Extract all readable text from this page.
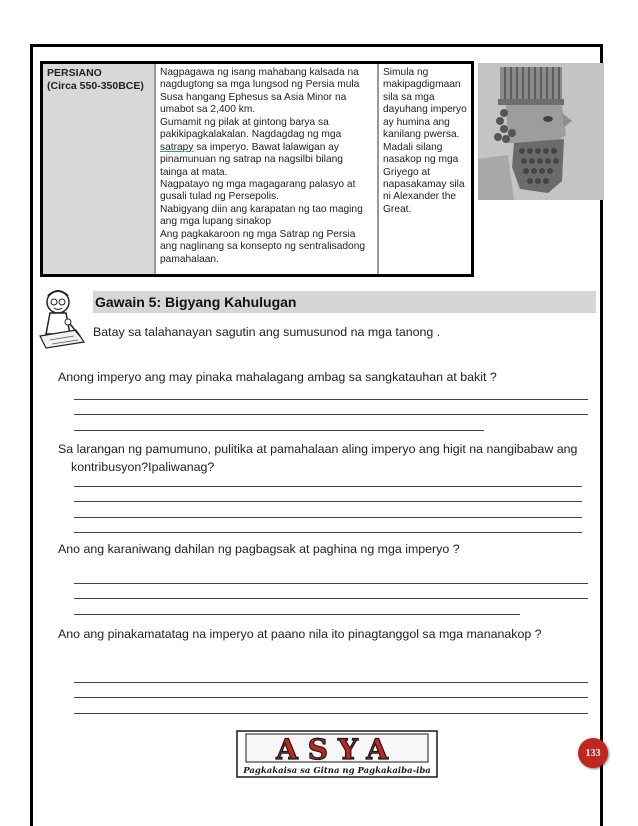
PERSIANO
(Circa 550-350BCE)

Nagpagawa ng isang mahabang kalsada na nagdugtong sa mga lungsod ng Persia mula Susa hangang Ephesus sa Asia Minor na umabot sa 2,400 km.

Gumamit ng pilak at gintong barya sa pakikipagkalakalan. Nagdagdag ng mga satrapy sa imperyo. Bawat lalawigan ay pinamunuan ng satrap na nagsilbi bilang tainga at mata.

Nagpatayo ng mga magagarang palasyo at gusali tulad ng Persepolis.

Nabigyang diin ang karapatan ng tao maging ang mga lupang sinakop

Ang pagkakaroon ng mga Satrap ng Persia ang naglinang sa konsepto ng sentralisadong pamahalaan.

Simula ng makipagdigmaan sila sa mga dayuhang imperyo ay humina ang kanilang pwersa. Madali silang nasakop ng mga Griyego at napasakamay sila ni Alexander the Great.

Gawain 5: Bigyang Kahulugan
Batay sa talahanayan sagutin ang sumusunod na mga tanong .
Anong imperyo ang may pinaka mahalagang ambag sa sangkatauhan at bakit ?
Sa larangan ng pamumuno, pulitika at pamahalaan aling imperyo ang higit na nangibabaw ang
kontribusyon?Ipaliwanag?
Ano ang karaniwang dahilan ng pagbagsak at paghina ng mga imperyo ?
Ano ang pinakamatatag na imperyo at paano nila ito pinagtanggol sa mga mananakop ?
ASYA
Pagkakaisa sa Gitna ng Pagkakaiba-iba
133
